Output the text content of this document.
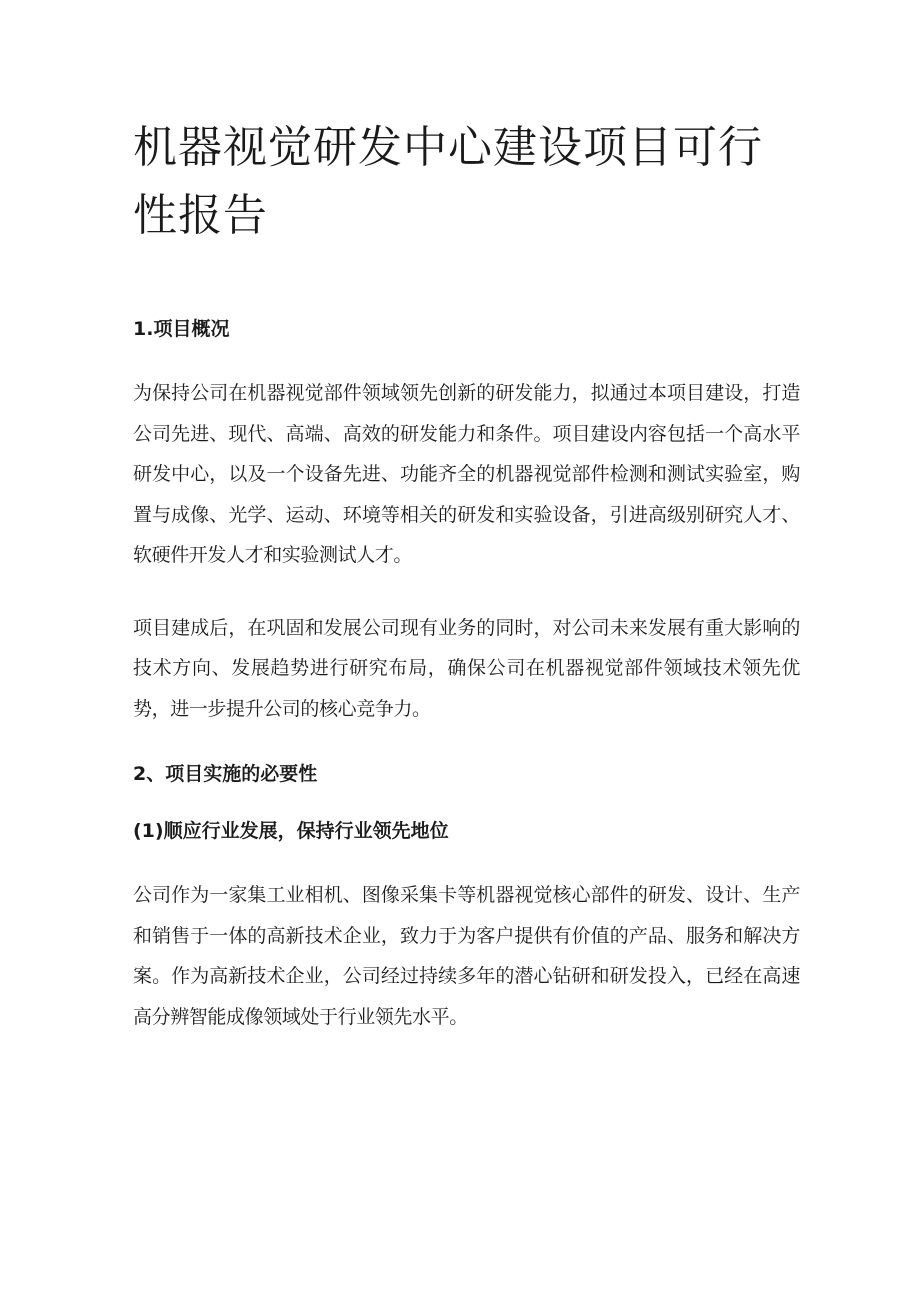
机器视觉研发中心建设项目可行性报告
1.项目概况

为保持公司在机器视觉部件领域领先创新的研发能力，拟通过本项目建设，打造公司先进、现代、高端、高效的研发能力和条件。项目建设内容包括一个高水平研发中心，以及一个设备先进、功能齐全的机器视觉部件检测和测试实验室，购置与成像、光学、运动、环境等相关的研发和实验设备，引进高级别研究人才、软硬件开发人才和实验测试人才。

项目建成后，在巩固和发展公司现有业务的同时，对公司未来发展有重大影响的技术方向、发展趋势进行研究布局，确保公司在机器视觉部件领域技术领先优势，进一步提升公司的核心竞争力。

2、项目实施的必要性
(1)顺应行业发展，保持行业领先地位

公司作为一家集工业相机、图像采集卡等机器视觉核心部件的研发、设计、生产和销售于一体的高新技术企业，致力于为客户提供有价值的产品、服务和解决方案。作为高新技术企业，公司经过持续多年的潜心钻研和研发投入，已经在高速高分辨智能成像领域处于行业领先水平。
